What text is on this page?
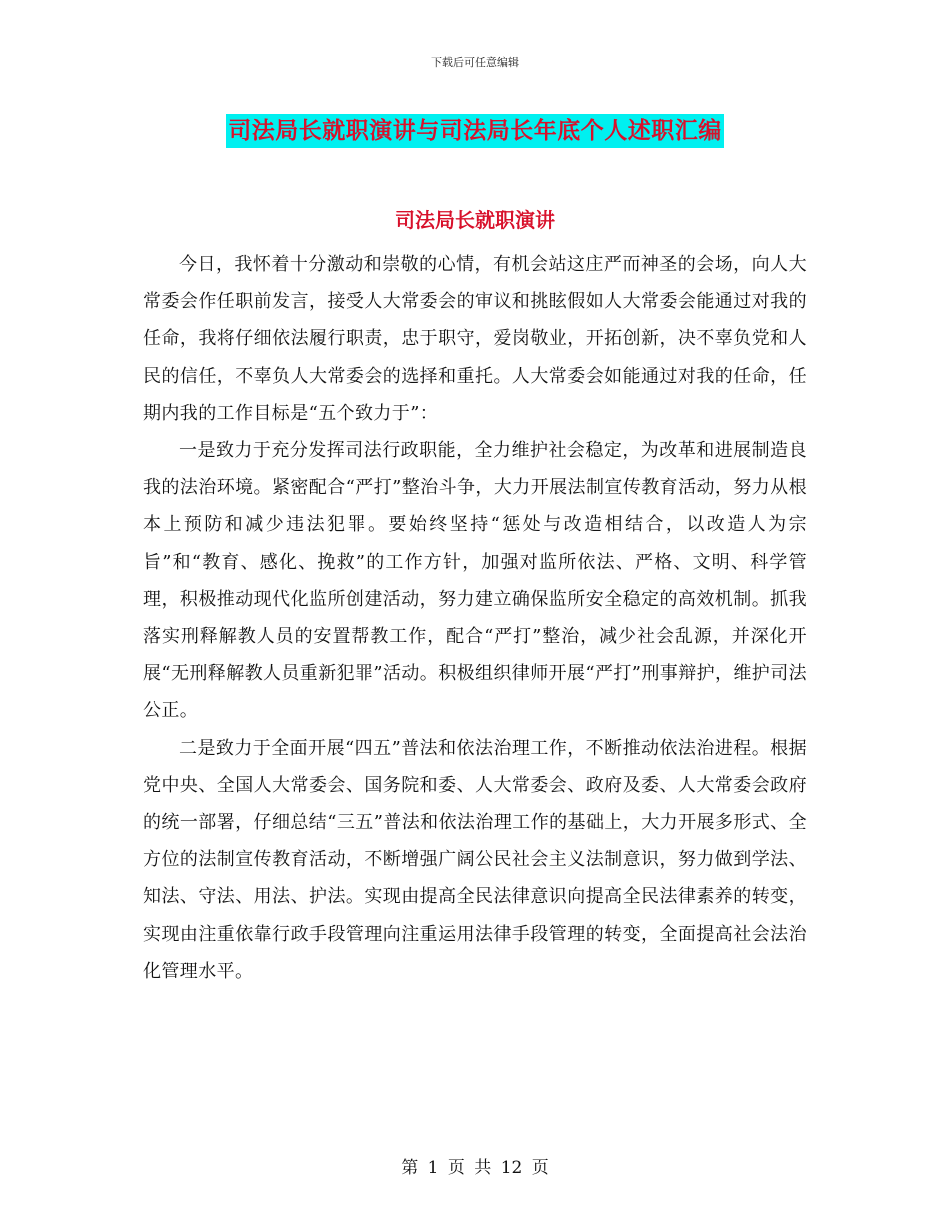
下载后可任意编辑
司法局长就职演讲与司法局长年底个人述职汇编
司法局长就职演讲

今日，我怀着十分激动和崇敬的心情，有机会站这庄严而神圣的会场，向人大常委会作任职前发言，接受人大常委会的审议和挑眩假如人大常委会能通过对我的任命，我将仔细依法履行职责，忠于职守，爱岗敬业，开拓创新，决不辜负党和人民的信任，不辜负人大常委会的选择和重托。人大常委会如能通过对我的任命，任期内我的工作目标是“五个致力于”：

一是致力于充分发挥司法行政职能，全力维护社会稳定，为改革和进展制造良我的法治环境。紧密配合“严打”整治斗争，大力开展法制宣传教育活动，努力从根本上预防和减少违法犯罪。要始终坚持“惩处与改造相结合，以改造人为宗旨”和“教育、感化、挽救”的工作方针，加强对监所依法、严格、文明、科学管理，积极推动现代化监所创建活动，努力建立确保监所安全稳定的高效机制。抓我落实刑释解教人员的安置帮教工作，配合“严打”整治，减少社会乱源，并深化开展“无刑释解教人员重新犯罪”活动。积极组织律师开展“严打”刑事辩护，维护司法公正。

二是致力于全面开展“四五”普法和依法治理工作，不断推动依法治进程。根据党中央、全国人大常委会、国务院和委、人大常委会、政府及委、人大常委会政府的统一部署，仔细总结“三五”普法和依法治理工作的基础上，大力开展多形式、全方位的法制宣传教育活动，不断增强广阔公民社会主义法制意识，努力做到学法、知法、守法、用法、护法。实现由提高全民法律意识向提高全民法律素养的转变，实现由注重依靠行政手段管理向注重运用法律手段管理的转变，全面提高社会法治化管理水平。

第 1 页 共 12 页
